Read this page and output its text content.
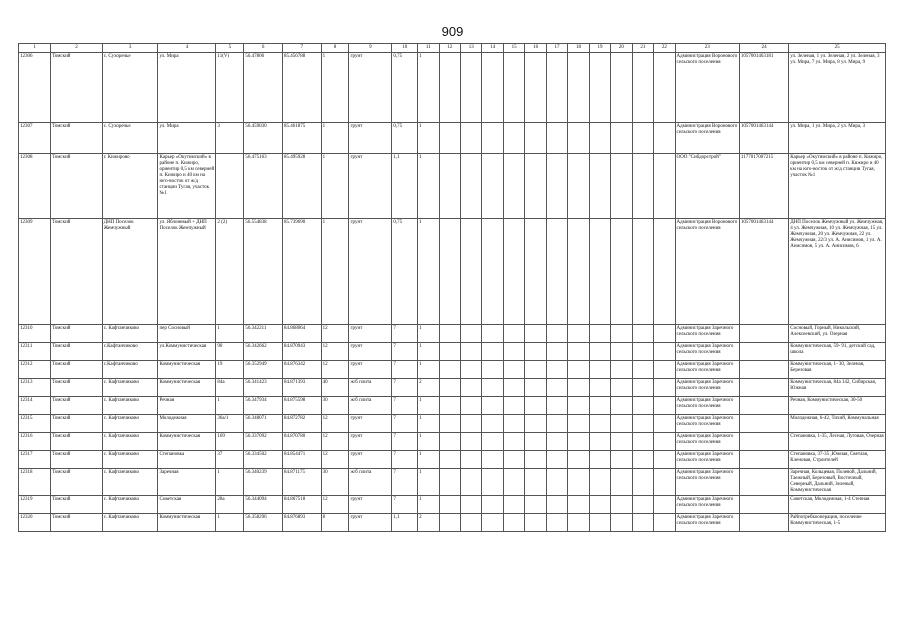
909
1	2	3	4	5	6	7	8	9	10	11	12	13	14	15	16	17	18	19	20	21	22	23	24	25
12306	Томский	с. Сухоречье	ул. Мира	11(V)	56.47806	85.456788	1	грунт	0,75	1												Администрация Воронового сельского поселения	1057001463181	ул. Зеленая, 1 ул. Зеленая, 2 ул. Зеленая, 3 ул. Мира, 7 ул. Мира, 8 ул. Мира, 9
12307	Томский	с. Сухоречье	ул. Мира	3	56.459030	85.461875	1	грунт	0,75	1												Администрация Воронового сельского поселения	1057001463144	ул. Мира, 1 ул. Мира, 2 ул. Мира, 3
12308	Томский	г. Кижирово	Карьер «Окутимский» в районе п. Кижиро, ориентир 0,5 км северней п. Кижиро и 40 км на юго-восток от ж/д станции Тугая, участок №1		56.475163	85.495928	1	грунт	1,1	1												ООО "Сибдорстрой"	1177017007215	Карьер «Окутимский» в районе п. Кижиро, ориентир 0,5 км северней п. Кижиро и 40 км на юго-восток от ж/д станции Тугая, участок №1
12309	Томский	ДНП Поселок Жемчужный	ул. Яблоневый + ДНП Поселок Жемчужный	2 (2)	56.554838	85.739690	1	грунт	0,75	1												Администрация Воронового сельского поселения	1057001463144	ДНП Поселок Жемчужный ул. Жемчужная, 4 ул. Жемчужная, 10 ул. Жемчужная, 15 ул. Жемчужная, 20 ул. Жемчужная, 22 ул. Жемчужная, 22/3 ул. А. Анисимов, 1 ул. А. Анисимов, 5 ул. А. Анисимов, 6
12310	Томский	с. Кафтанчиково	пер Сосновый	1	56.342211	84.868064	12	грунт	7	1												Администрация Заречного сельского поселения		Сосновый, Горный, Никольский, Алексеевский, ул. Озерная
12311	Томский	с.Кафтанчиково	ул.Коммунистическая	90	56.342662	84.870943	12	грунт	7	1												Администрация Заречного сельского поселения		Коммунистическая, 59- 91, детский сад, школа
12312	Томский	с.Кафтанчиково	Коммунистическая	19	56.352949	84.876342	12	грунт	7	1												Администрация Заречного сельского поселения		Коммунистическая, 1- 30, Зеленая, Березовая
12313	Томский	с. Кафтанчиково	Коммунистическая	84а	56.341423	84.871393	40	ж/б плита	7	2												Администрация Заречного сельского поселения		Коммунистическая, 84а 142, Сибирская, Южная
12314	Томский	с. Кафтанчиково	Речная	1	56.347934	84.875598	30	ж/б плита	7	1												Администрация Заречного сельского поселения		Речная, Коммунистическая, 30-50
12315	Томский	с. Кафтанчиково	Молодежная	36а/1	56.348071	84.872782	12	грунт	7	1												Администрация Заречного сельского поселения		Молодежная, 6-42, Тихий, Коммунальная
12316	Томский	с. Кафтанчиково	Коммунистическая	169	56.337092	84.870780	12	грунт	7	1												Администрация Заречного сельского поселения		Степановка, 1-35, Лесная, Луговая, Озерная
12317	Томский	с. Кафтанчиково	Степановка	37	56.334502	84.854471	12	грунт	7	1												Администрация Заречного сельского поселения		Степановка, 37-35 ,Южная, Светлая, Кленовая, Строителей
12318	Томский	с. Кафтанчиково	Заречная	1	56.340239	84.871175	30	ж/б плита	7	1												Администрация Заречного сельского поселения		Заречная, Кольцевая, Полевой, Дальний, Таежный, Березовый, Восточный, Северный, Дальний, Зеленый, Коммунистическая
12319	Томский	с. Кафтанчиково	Советская	28а	56.344094	84.867518	12	грунт	7	1												Администрация Заречного сельского поселения		Советская, Молодежная, 1-4 Степная
12320	Томский	с. Кафтанчиково	Коммунистическая	1	56.358296	84.876893	8	грунт	1,1	2												Администрация Заречного сельского поселения		Райпотребкооперация, поселение Коммунистическая, 1-5
